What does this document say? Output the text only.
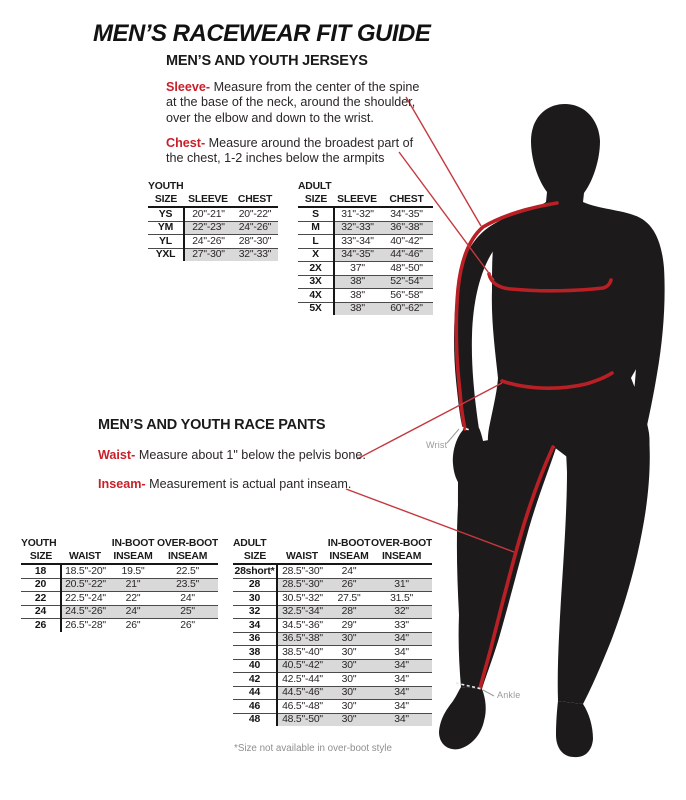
MEN’S RACEWEAR FIT GUIDE
MEN’S AND YOUTH JERSEYS

Sleeve- Measure from the center of the spine at the base of the neck, around the shoulder, over the elbow and down to the wrist.

Chest- Measure around the broadest part of the chest, 1-2 inches below the armpits

YOUTH		
SIZE	SLEEVE	CHEST
YS	20"-21"	20"-22"
YM	22"-23"	24"-26"
YL	24"-26"	28"-30"
YXL	27"-30"	32"-33"
ADULT		
SIZE	SLEEVE	CHEST
S	31"-32"	34"-35"
M	32"-33"	36"-38"
L	33"-34"	40"-42"
X	34"-35"	44"-46"
2X	37"	48"-50"
3X	38"	52"-54"
4X	38"	56"-58"
5X	38"	60"-62"
MEN’S AND YOUTH RACE PANTS

Waist- Measure about 1" below the pelvis bone.

Inseam- Measurement is actual pant inseam.

YOUTH		IN-BOOT	OVER-BOOT
SIZE	WAIST	INSEAM	INSEAM
18	18.5"-20"	19.5"	22.5"
20	20.5"-22"	21"	23.5"
22	22.5"-24"	22"	24"
24	24.5"-26"	24"	25"
26	26.5"-28"	26"	26"
ADULT		IN-BOOT	OVER-BOOT
SIZE	WAIST	INSEAM	INSEAM
28short*	28.5"-30"	24"	
28	28.5"-30"	26"	31"
30	30.5"-32"	27.5"	31.5"
32	32.5"-34"	28"	32"
34	34.5"-36"	29"	33"
36	36.5"-38"	30"	34"
38	38.5"-40"	30"	34"
40	40.5"-42"	30"	34"
42	42.5"-44"	30"	34"
44	44.5"-46"	30"	34"
46	46.5"-48"	30"	34"
48	48.5"-50"	30"	34"
*Size not available in over-boot style
Wrist
Ankle
